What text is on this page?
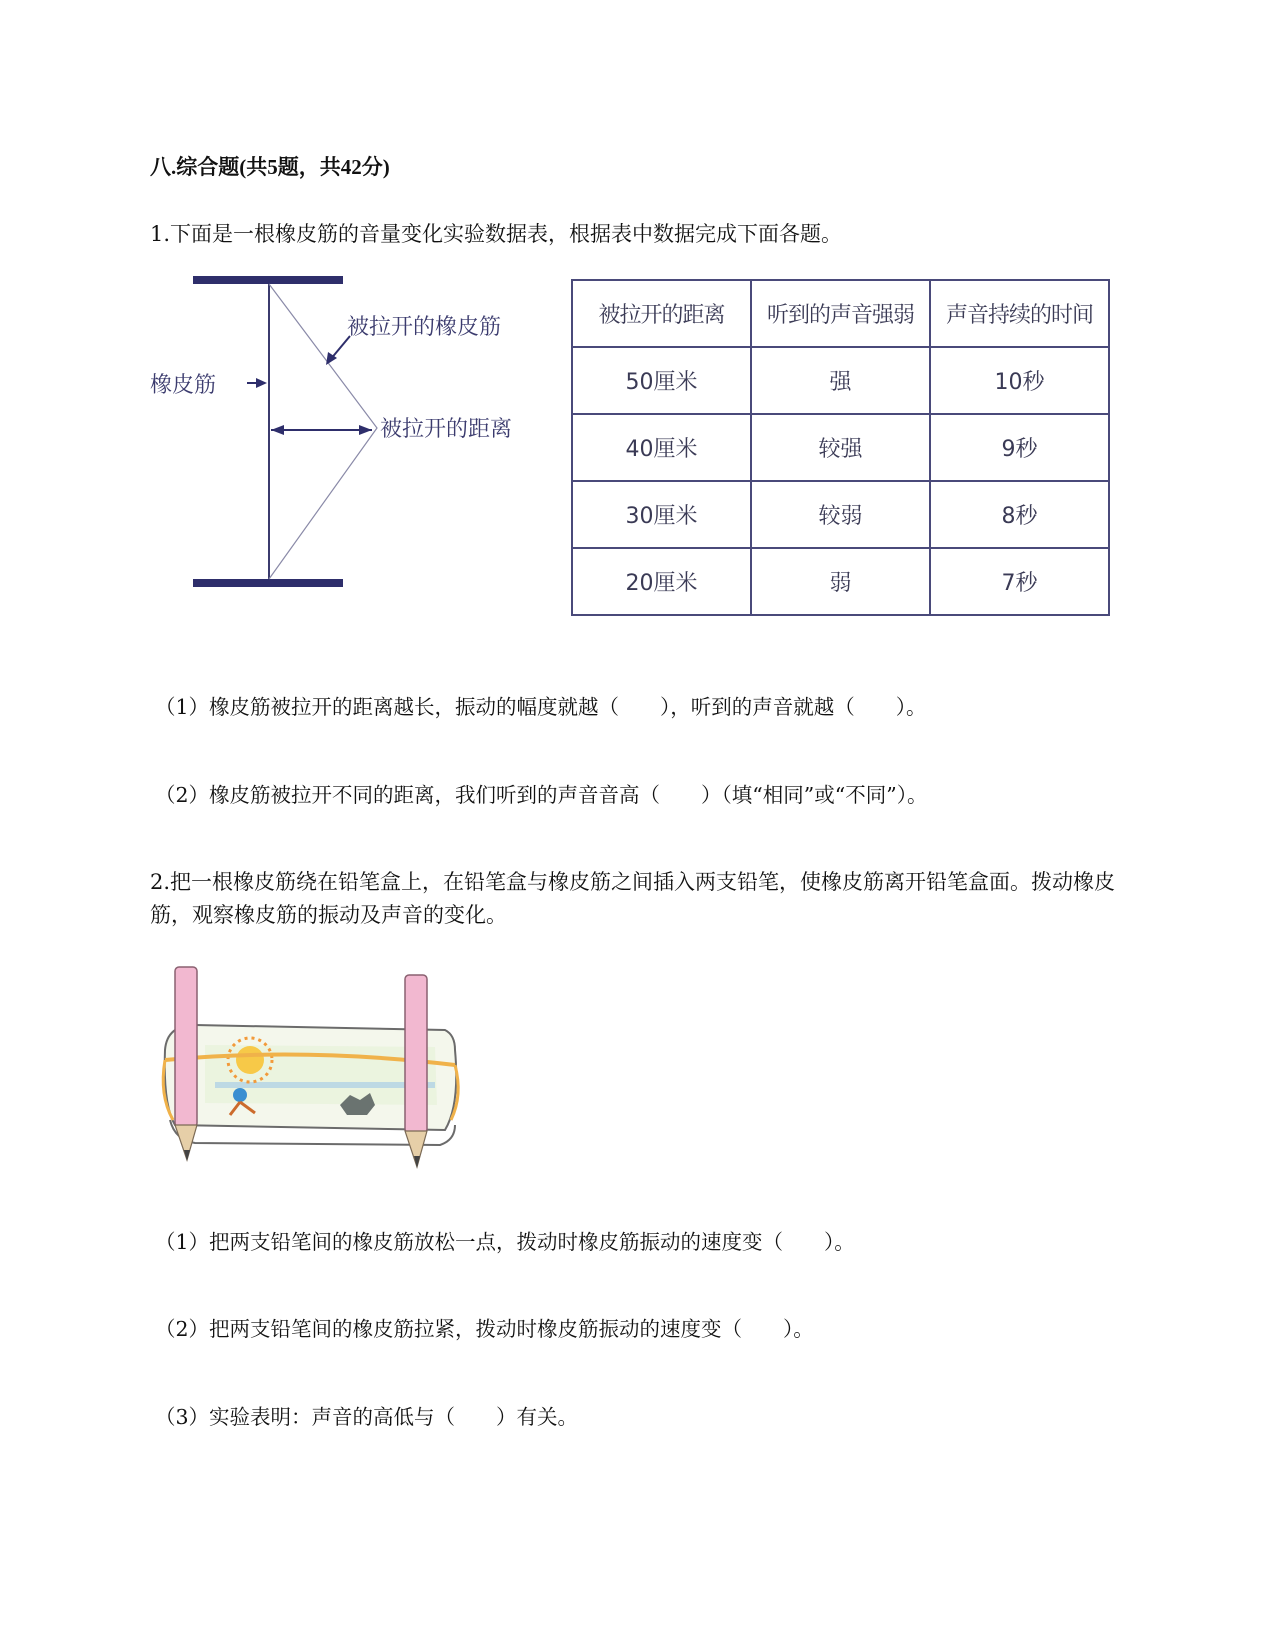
八.综合题(共5题，共42分)
1.下面是一根橡皮筋的音量变化实验数据表，根据表中数据完成下面各题。
被拉开的橡皮筋
橡皮筋
被拉开的距离
被拉开的距离	听到的声音强弱	声音持续的时间
50厘米	强	10秒
40厘米	较强	9秒
30厘米	较弱	8秒
20厘米	弱	7秒
（1）橡皮筋被拉开的距离越长，振动的幅度就越（　　），听到的声音就越（　　）。
（2）橡皮筋被拉开不同的距离，我们听到的声音音高（　　）（填“相同”或“不同”）。
2.把一根橡皮筋绕在铅笔盒上，在铅笔盒与橡皮筋之间插入两支铅笔，使橡皮筋离开铅笔盒面。拨动橡皮筋，观察橡皮筋的振动及声音的变化。
（1）把两支铅笔间的橡皮筋放松一点，拨动时橡皮筋振动的速度变（　　）。
（2）把两支铅笔间的橡皮筋拉紧，拨动时橡皮筋振动的速度变（　　）。
（3）实验表明：声音的高低与（　　）有关。
